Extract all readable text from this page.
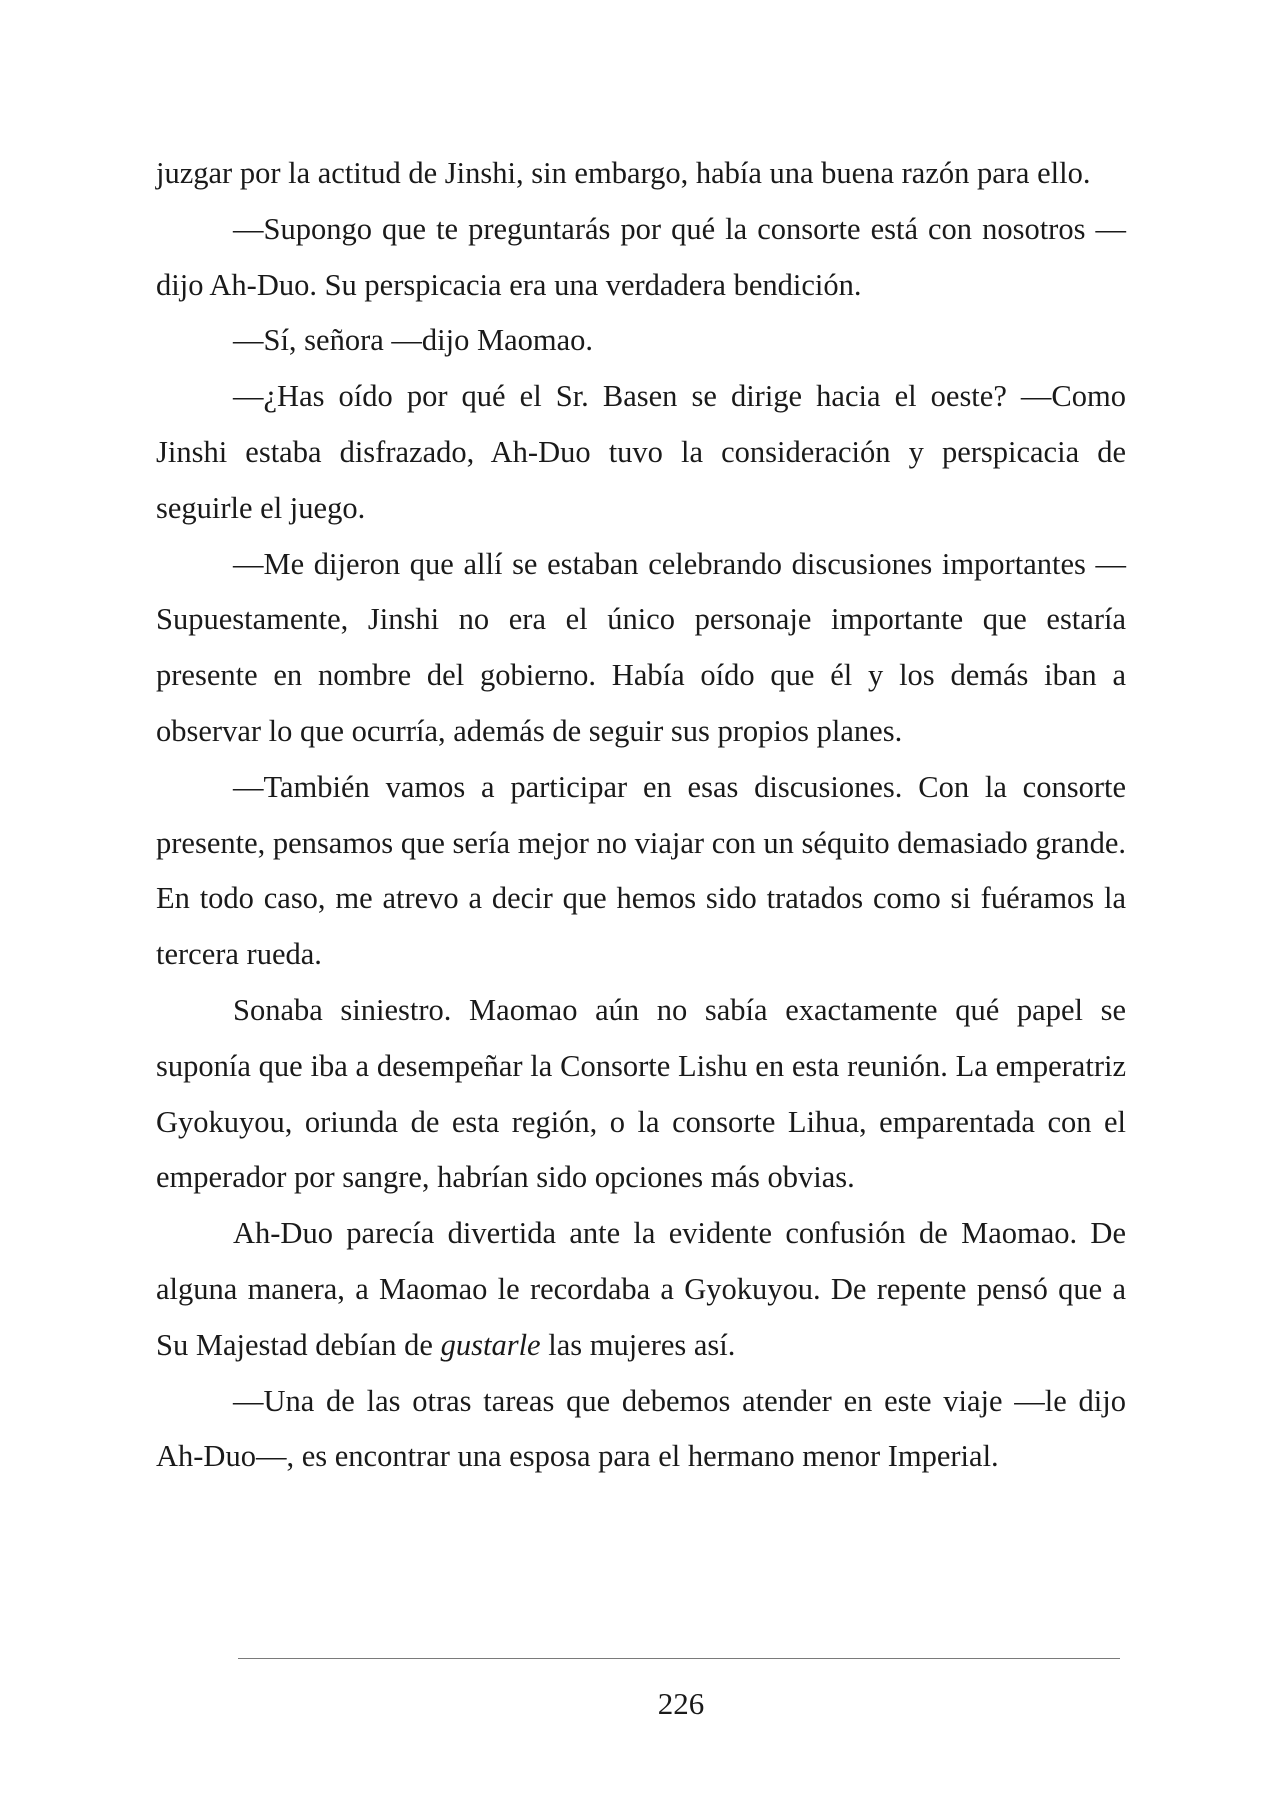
juzgar por la actitud de Jinshi, sin embargo, había una buena razón para ello.

—Supongo que te preguntarás por qué la consorte está con nosotros —dijo Ah-Duo. Su perspicacia era una verdadera bendición.

—Sí, señora —dijo Maomao.

—¿Has oído por qué el Sr. Basen se dirige hacia el oeste? —Como Jinshi estaba disfrazado, Ah-Duo tuvo la consideración y perspicacia de seguirle el juego.

—Me dijeron que allí se estaban celebrando discusiones importantes —Supuestamente, Jinshi no era el único personaje importante que estaría presente en nombre del gobierno. Había oído que él y los demás iban a observar lo que ocurría, además de seguir sus propios planes.

—También vamos a participar en esas discusiones. Con la consorte presente, pensamos que sería mejor no viajar con un séquito demasiado grande. En todo caso, me atrevo a decir que hemos sido tratados como si fuéramos la tercera rueda.

Sonaba siniestro. Maomao aún no sabía exactamente qué papel se suponía que iba a desempeñar la Consorte Lishu en esta reunión. La emperatriz Gyokuyou, oriunda de esta región, o la consorte Lihua, emparentada con el emperador por sangre, habrían sido opciones más obvias.

Ah-Duo parecía divertida ante la evidente confusión de Maomao. De alguna manera, a Maomao le recordaba a Gyokuyou. De repente pensó que a Su Majestad debían de gustarle las mujeres así.

—Una de las otras tareas que debemos atender en este viaje —le dijo Ah-Duo—, es encontrar una esposa para el hermano menor Imperial.

226
